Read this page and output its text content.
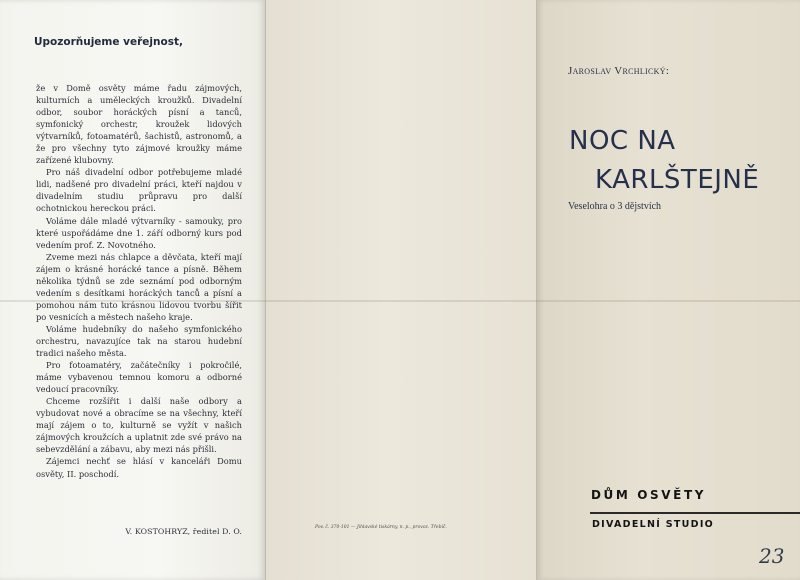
Upozorňujeme veřejnost,

že v Domě osvěty máme řadu zájmových, kulturních a uměleckých kroužků. Divadelní odbor, soubor horáckých písní a tanců, symfonický orchestr, kroužek lidových výtvarníků, fotoamatérů, šachistů, astronomů, a že pro všechny tyto zájmové kroužky máme zařízené klubovny.

Pro náš divadelní odbor potřebujeme mladé lidi, nadšené pro divadelní práci, kteří najdou v divadelním studiu průpravu pro další ochotnickou hereckou práci.

Voláme dále mladé výtvarníky - samouky, pro které uspořádáme dne 1. září odborný kurs pod vedením prof. Z. Novotného.

Zveme mezi nás chlapce a děvčata, kteří mají zájem o krásné horácké tance a písně. Během několika týdnů se zde seznámí pod odborným vedením s desítkami horáckých tanců a písní a pomohou nám tuto krásnou lidovou tvorbu šířit po vesnicích a městech našeho kraje.

Voláme hudebníky do našeho symfonického orchestru, navazujíce tak na starou hudební tradici našeho města.

Pro fotoamatéry, začátečníky i pokročilé, máme vybavenou temnou komoru a odborné vedoucí pracovníky.

Chceme rozšířit i další naše odbory a vybudovat nové a obracíme se na všechny, kteří mají zájem o to, kulturně se vyžít v našich zájmových kroužcích a uplatnit zde své právo na sebevzdělání a zábavu, aby mezi nás přišli.

Zájemci nechť se hlásí v kanceláři Domu osvěty, II. poschodí.

V. KOSTOHRYZ, ředitel D. O.	Pov. č. 370-101 — Jihlavské tiskárny, n. p., provoz. Třebíč.
Jaroslav Vrchlický:
NOC NA
KARLŠTEJNĚ
Veselohra o 3 dějstvích
DŮM OSVĚTY
DIVADELNÍ STUDIO
23
